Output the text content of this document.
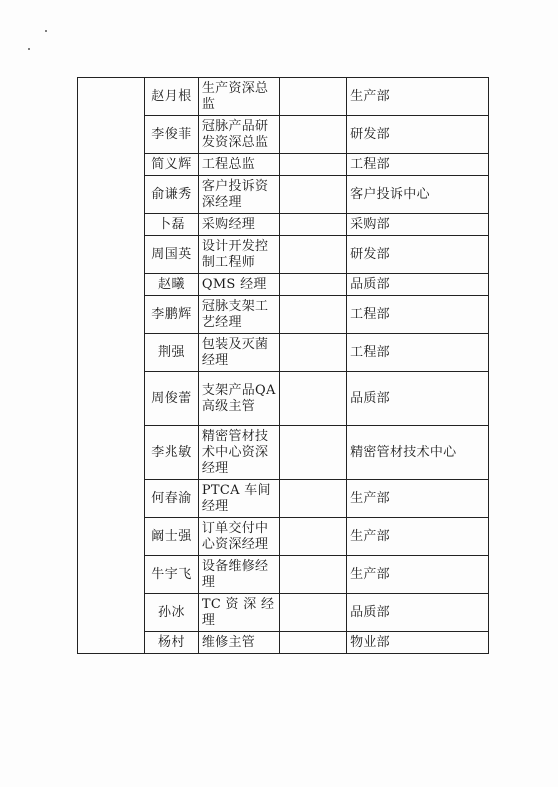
	赵月根	生产资深总监		生产部
	李俊菲	冠脉产品研发资深总监		研发部
	简义辉	工程总监		工程部
	俞谦秀	客户投诉资深经理		客户投诉中心
	卜磊	采购经理		采购部
	周国英	设计开发控制工程师		研发部
	赵曦	QMS 经理		品质部
	李鹏辉	冠脉支架工艺经理		工程部
	荆强	包装及灭菌经理		工程部
	周俊蕾	支架产品QA 高级主管		品质部
	李兆敏	精密管材技术中心资深经理		精密管材技术中心
	何春渝	PTCA 车间经理		生产部
	阚士强	订单交付中心资深经理		生产部
	牛宇飞	设备维修经理		生产部
	孙冰	TC 资 深 经理		品质部
	杨村	维修主管		物业部
